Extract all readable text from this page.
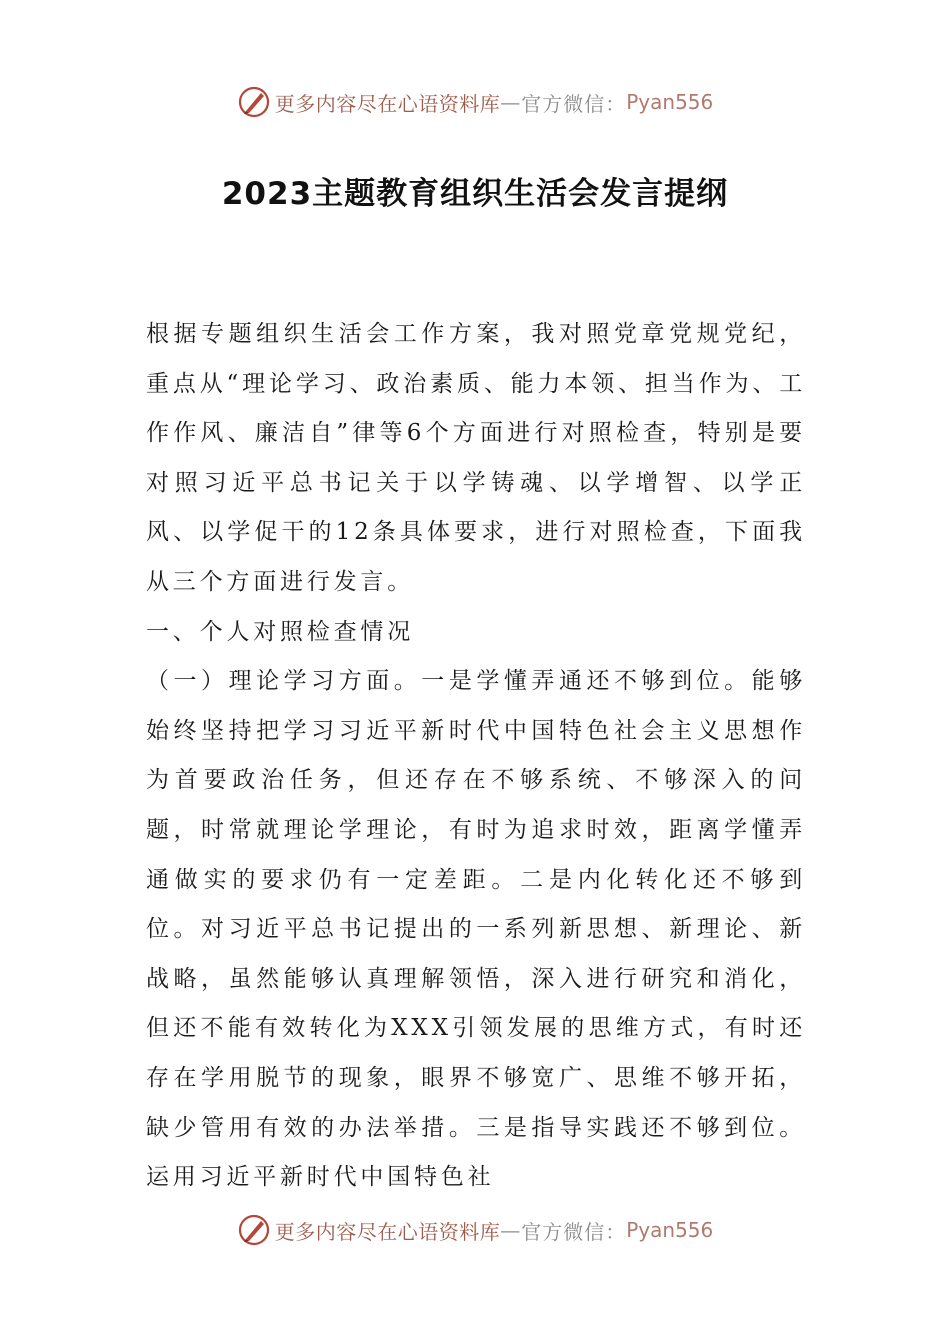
更多内容尽在心语资料库 — 官方微信： Pyan556
2023主题教育组织生活会发言提纲

根据专题组织生活会工作方案，我对照党章党规党纪，重点从“理论学习、政治素质、能力本领、担当作为、工作作风、廉洁自”律等6个方面进行对照检查，特别是要对照习近平总书记关于以学铸魂、以学增智、以学正风、以学促干的12条具体要求，进行对照检查，下面我从三个方面进行发言。

一、个人对照检查情况

（一）理论学习方面。一是学懂弄通还不够到位。能够始终坚持把学习习近平新时代中国特色社会主义思想作为首要政治任务，但还存在不够系统、不够深入的问题，时常就理论学理论，有时为追求时效，距离学懂弄通做实的要求仍有一定差距。二是内化转化还不够到位。对习近平总书记提出的一系列新思想、新理论、新战略，虽然能够认真理解领悟，深入进行研究和消化，但还不能有效转化为XXX引领发展的思维方式，有时还存在学用脱节的现象，眼界不够宽广、思维不够开拓，缺少管用有效的办法举措。三是指导实践还不够到位。运用习近平新时代中国特色社

更多内容尽在心语资料库 — 官方微信： Pyan556
